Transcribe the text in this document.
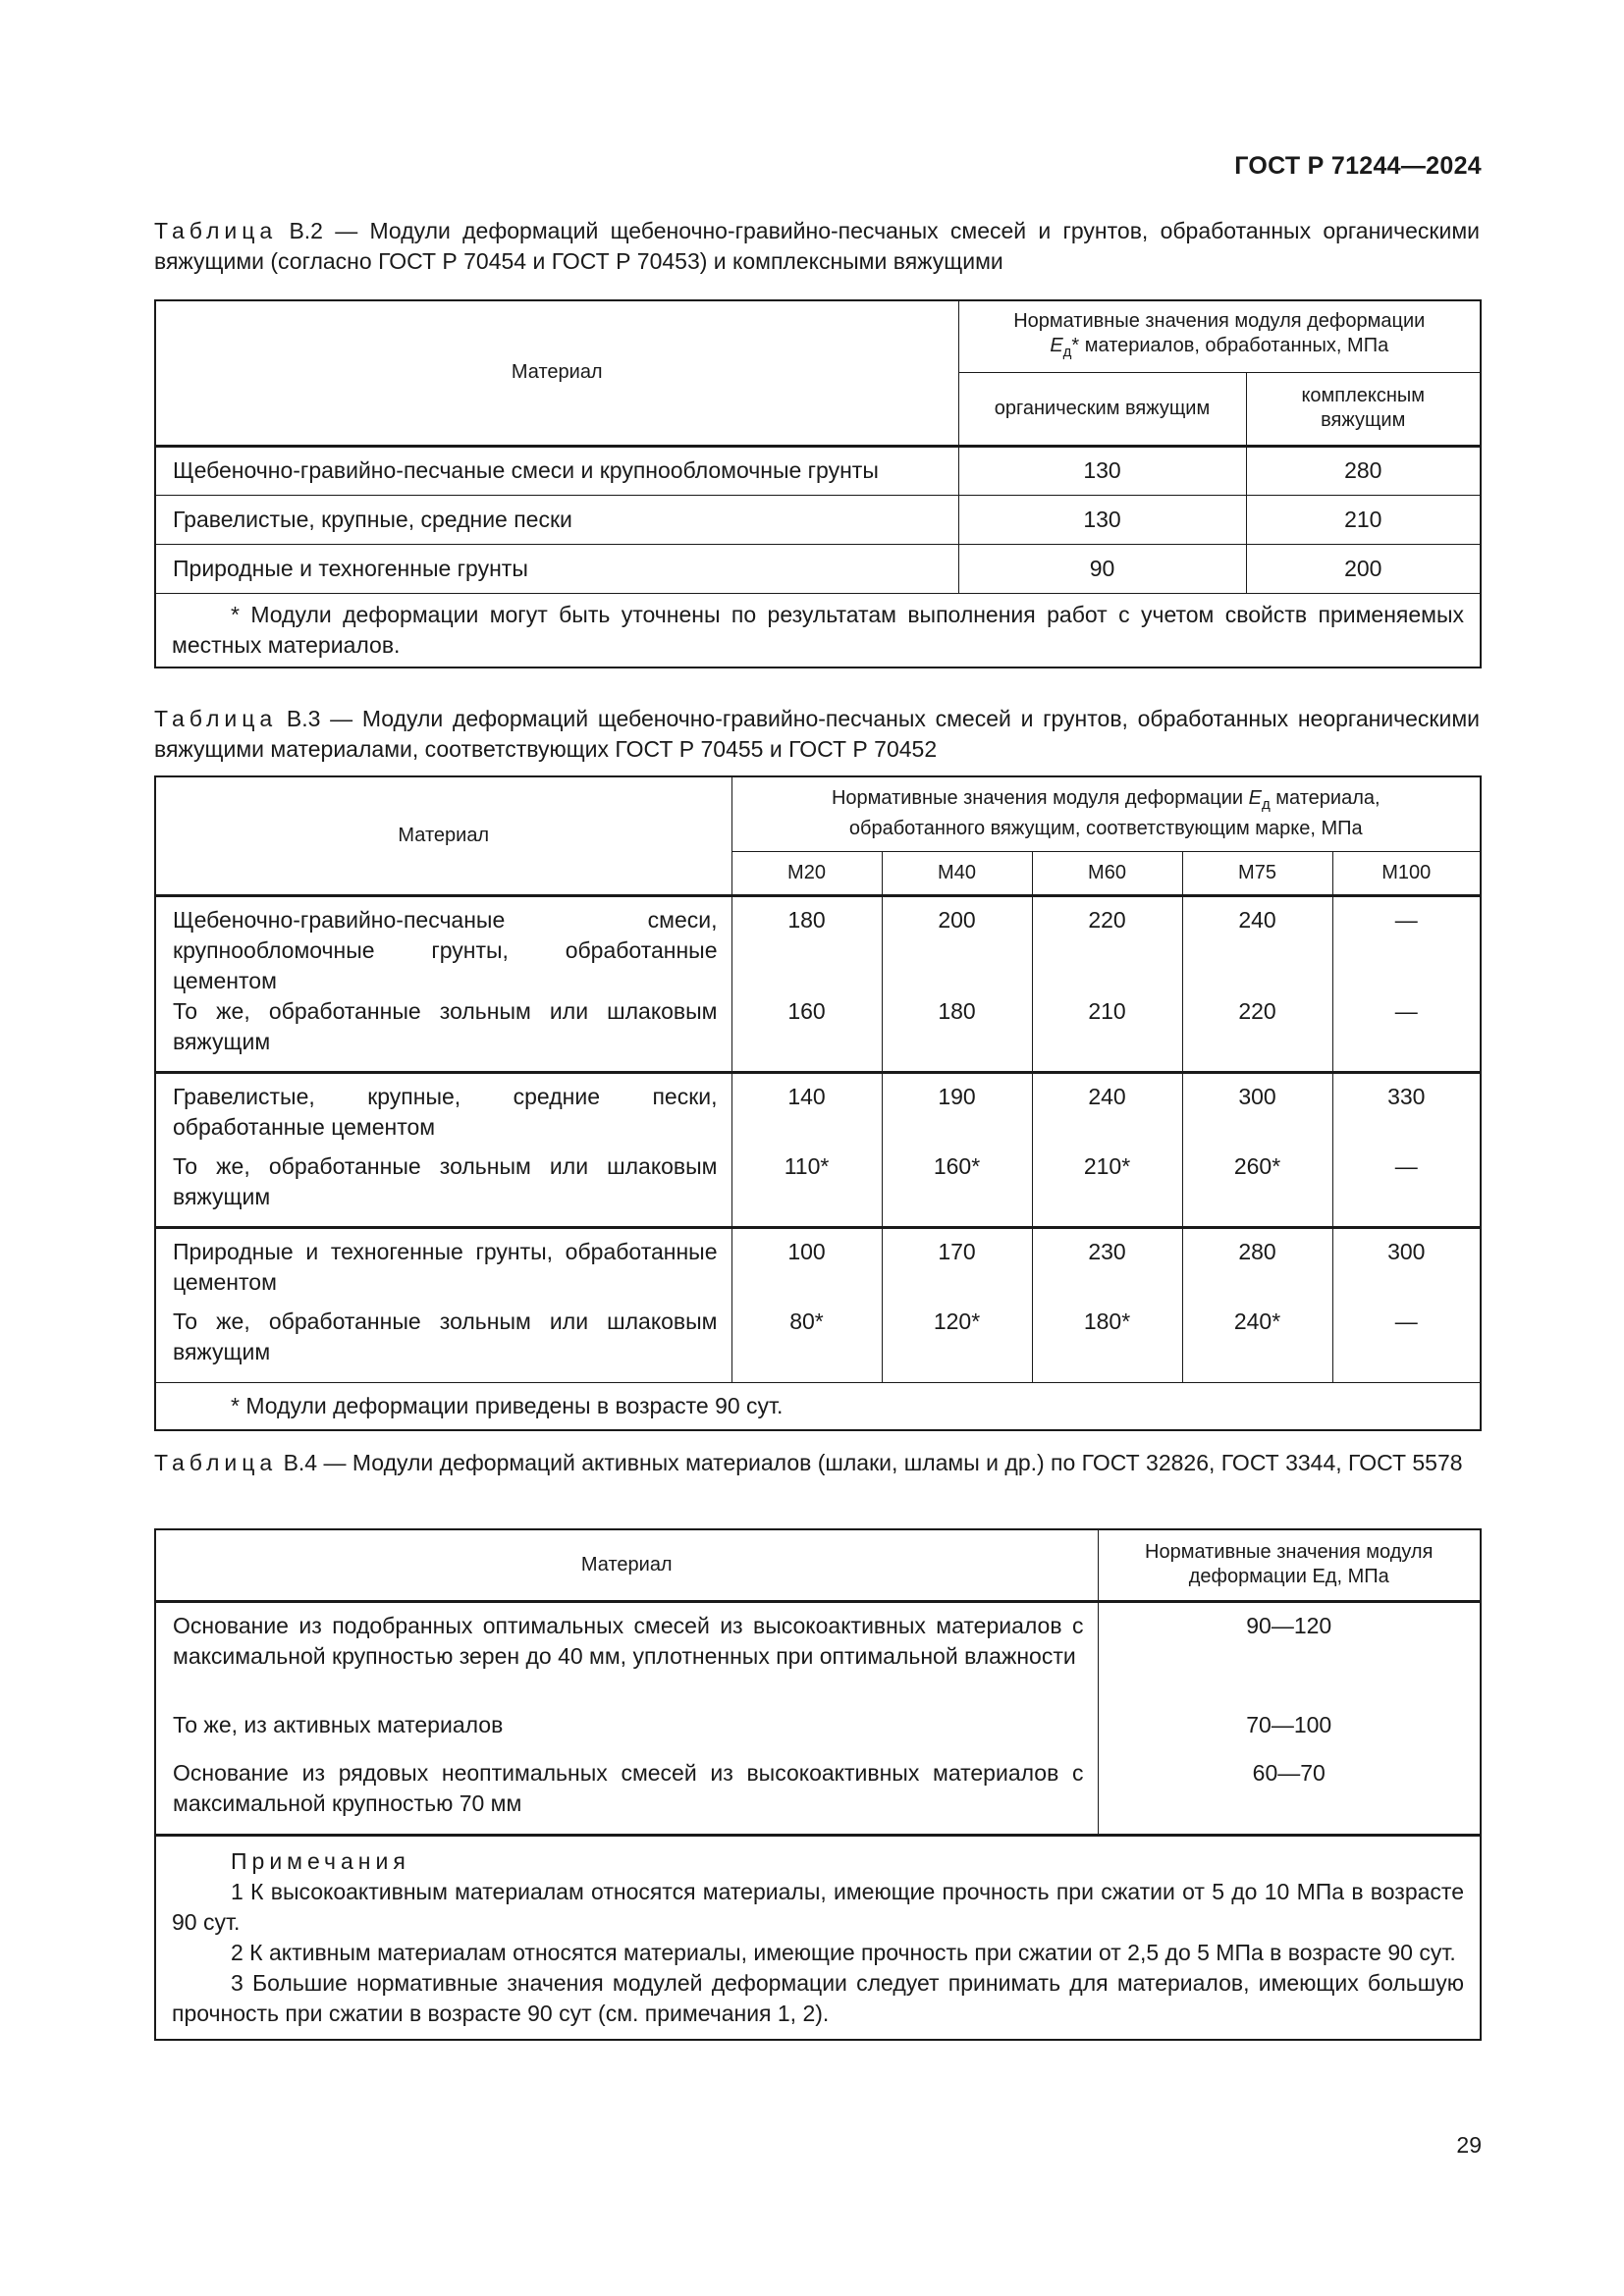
ГОСТ Р 71244—2024
Таблица В.2 — Модули деформаций щебеночно-гравийно-песчаных смесей и грунтов, обработанных органическими вяжущими (согласно ГОСТ Р 70454 и ГОСТ Р 70453) и комплексными вяжущими
Материал	Нормативные значения модуля деформации
$E_д*$ материалов, обработанных, МПа	
	органическим вяжущим	комплексным вяжущим
Щебеночно-гравийно-песчаные смеси и крупнообломочные грунты	130	280
Гравелистые, крупные, средние пески	130	210
Природные и техногенные грунты	90	200

* Модули деформации могут быть уточнены по результатам выполнения работ с учетом свойств применяемых местных материалов.		
Таблица В.3 — Модули деформаций щебеночно-гравийно-песчаных смесей и грунтов, обработанных неорганическими вяжущими материалами, соответствующих ГОСТ Р 70455 и ГОСТ Р 70452
Материал	Нормативные значения модуля деформации $E_д$ материала, обработанного вяжущим, соответствующим марке, МПа				
	М20	М40	М60	М75	М100
Щебеночно-гравийно-песчаные смеси, крупнообломочные грунты, обработанные цементом	180	200	220	240	—
То же, обработанные зольным или шлаковым вяжущим	160	180	210	220	—
Гравелистые, крупные, средние пески, обработанные цементом	140	190	240	300	330
То же, обработанные зольным или шлаковым вяжущим	110*	160*	210*	260*	—
Природные и техногенные грунты, обработанные цементом	100	170	230	280	300
То же, обработанные зольным или шлаковым вяжущим	80*	120*	180*	240*	—

* Модули деформации приведены в возрасте 90 сут.					
Таблица В.4 — Модули деформаций активных материалов (шлаки, шламы и др.) по ГОСТ 32826, ГОСТ 3344, ГОСТ 5578
Материал	Нормативные значения модуля деформации Ед, МПа
Основание из подобранных оптимальных смесей из высокоактивных материалов с максимальной крупностью зерен до 40 мм, уплотненных при оптимальной влажности	90—120
То же, из активных материалов	70—100
Основание из рядовых неоптимальных смесей из высокоактивных материалов с максимальной крупностью 70 мм	60—70

Примечания
1 К высокоактивным материалам относятся материалы, имеющие прочность при сжатии от 5 до 10 МПа в возрасте 90 сут.
2 К активным материалам относятся материалы, имеющие прочность при сжатии от 2,5 до 5 МПа в возрасте 90 сут.
3 Большие нормативные значения модулей деформации следует принимать для материалов, имеющих большую прочность при сжатии в возрасте 90 сут (см. примечания 1, 2).	
29
